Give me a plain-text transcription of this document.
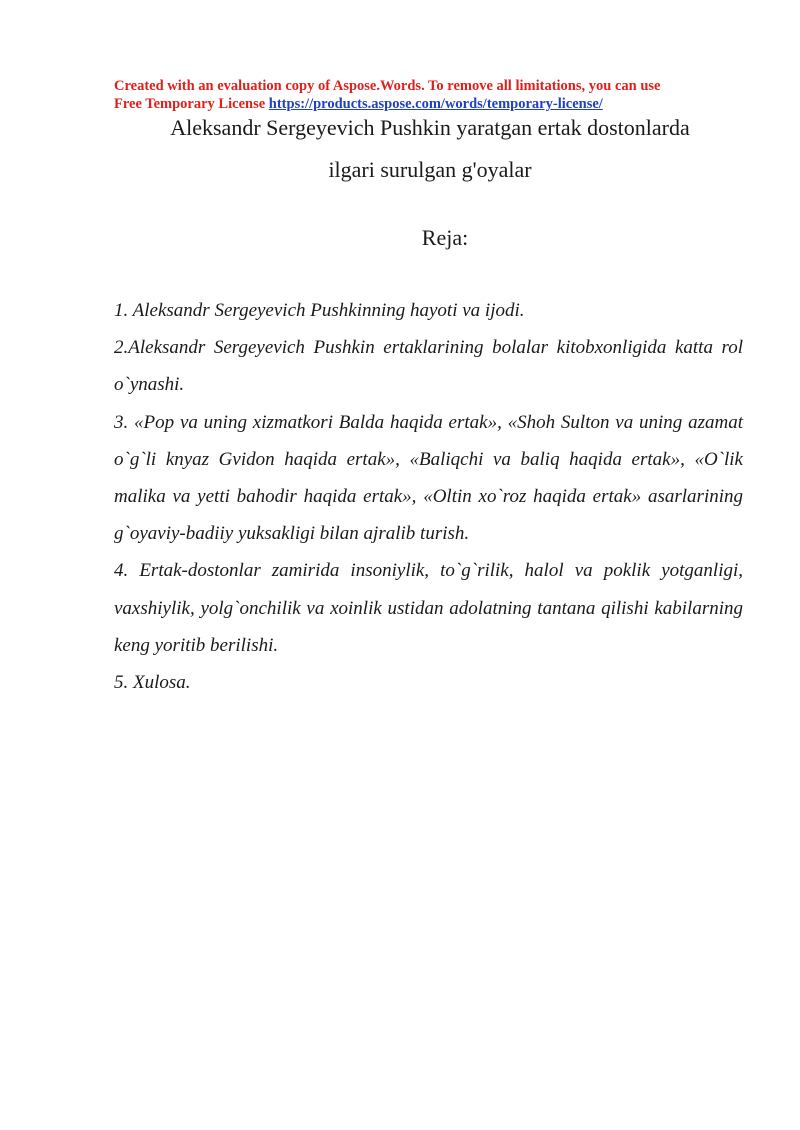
Created with an evaluation copy of Aspose.Words. To remove all limitations, you can use
Free Temporary License https://products.aspose.com/words/temporary-license/
Aleksandr Sergeyevich Pushkin yaratgan ertak dostonlarda
ilgari surulgan g'oyalar
Reja:

1. Aleksandr Sergeyevich Pushkinning hayoti va ijodi.

2.Aleksandr Sergeyevich Pushkin ertaklarining bolalar kitobxonligida katta rol o`ynashi.

3. «Pop va uning xizmatkori Balda haqida ertak», «Shoh Sulton va uning azamat o`g`li knyaz Gvidon haqida ertak», «Baliqchi va baliq haqida ertak», «O`lik malika va yetti bahodir haqida ertak», «Oltin xo`roz haqida ertak» asarlarining g`oyaviy-badiiy yuksakligi bilan ajralib turish.

4. Ertak-dostonlar zamirida insoniylik, to`g`rilik, halol va poklik yotganligi, vaxshiylik, yolg`onchilik va xoinlik ustidan adolatning tantana qilishi kabilarning keng yoritib berilishi.

5. Xulosa.
